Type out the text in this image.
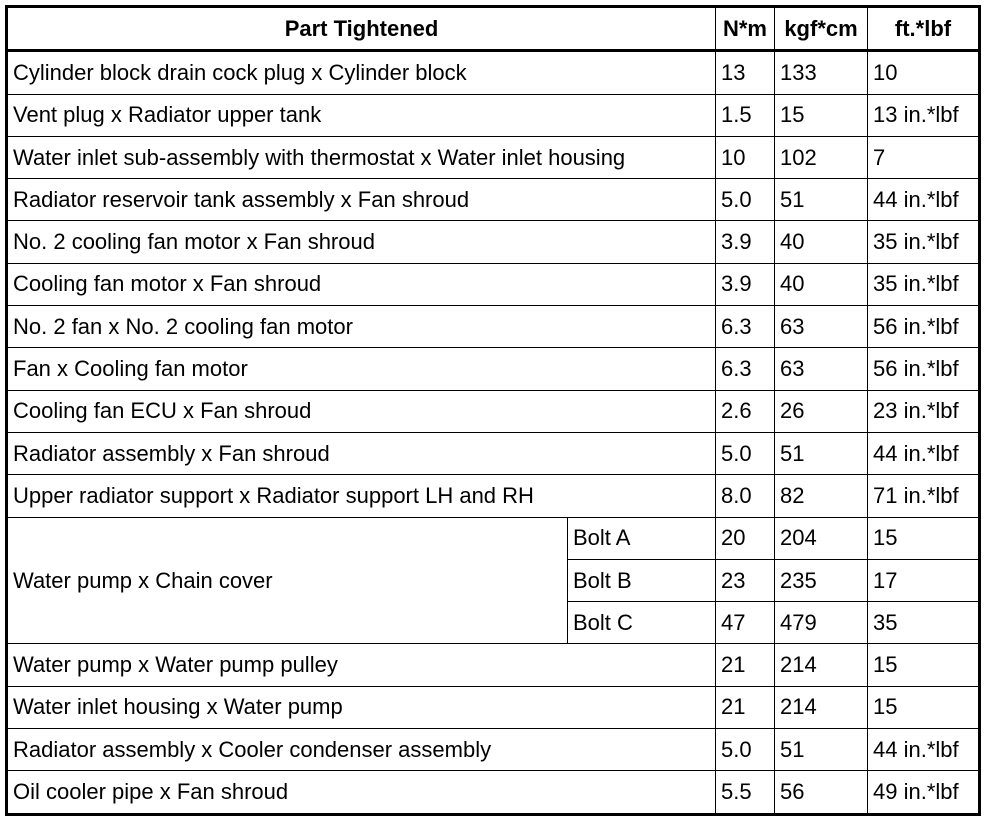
Part Tightened		N*m	kgf*cm	ft.*lbf
Cylinder block drain cock plug x Cylinder block		13	133	10
Vent plug x Radiator upper tank		1.5	15	13 in.*lbf
Water inlet sub-assembly with thermostat x Water inlet housing		10	102	7
Radiator reservoir tank assembly x Fan shroud		5.0	51	44 in.*lbf
No. 2 cooling fan motor x Fan shroud		3.9	40	35 in.*lbf
Cooling fan motor x Fan shroud		3.9	40	35 in.*lbf
No. 2 fan x No. 2 cooling fan motor		6.3	63	56 in.*lbf
Fan x Cooling fan motor		6.3	63	56 in.*lbf
Cooling fan ECU x Fan shroud		2.6	26	23 in.*lbf
Radiator assembly x Fan shroud		5.0	51	44 in.*lbf
Upper radiator support x Radiator support LH and RH		8.0	82	71 in.*lbf
Water pump x Chain cover	Bolt A	20	204	15
	Bolt B	23	235	17
	Bolt C	47	479	35
Water pump x Water pump pulley		21	214	15
Water inlet housing x Water pump		21	214	15
Radiator assembly x Cooler condenser assembly		5.0	51	44 in.*lbf
Oil cooler pipe x Fan shroud		5.5	56	49 in.*lbf
